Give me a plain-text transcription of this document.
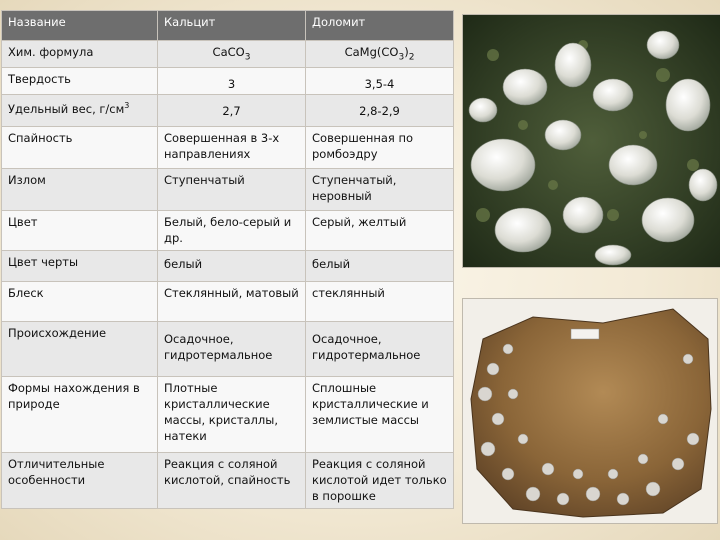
Название	Кальцит	Доломит
Хим. формула	CaCO$_3$	$CaMg(CO_3)_2$
Твердость	3	3,5-4
Удельный вес, $г/см^3$	2,7	2,8-2,9
Спайность	Совершенная в 3-х направлениях	Совершенная по ромбоэдру
Излом	Ступенчатый	Ступенчатый, неровный
Цвет	Белый, бело-серый и др.	Серый, желтый
Цвет черты	белый	белый
Блеск	Стеклянный, матовый	стеклянный
Происхождение	Осадочное, гидротермальное	Осадочное, гидротермальное
Формы нахождения в природе	Плотные кристаллические массы, кристаллы, натеки	Сплошные кристаллические и землистые массы
Отличительные особенности	Реакция с соляной кислотой, спайность	Реакция с соляной кислотой идет только в порошке
